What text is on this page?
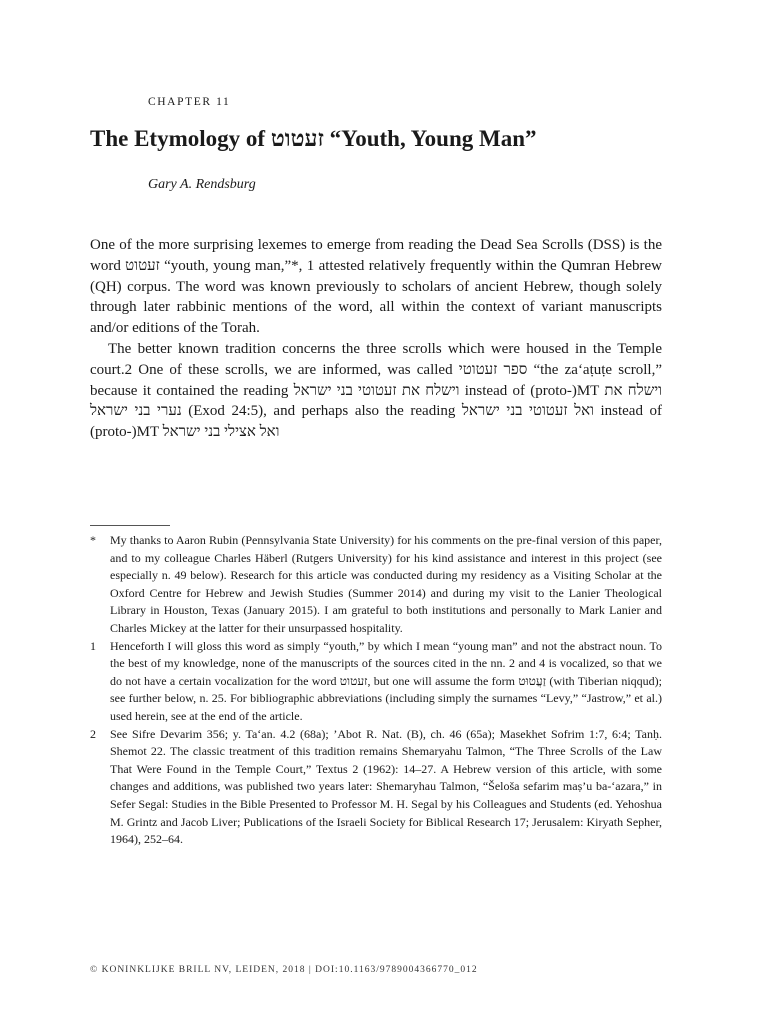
CHAPTER 11
The Etymology of זעטוט “Youth, Young Man”
Gary A. Rendsburg

One of the more surprising lexemes to emerge from reading the Dead Sea Scrolls (DSS) is the word זעטוט “youth, young man,”*, 1 attested relatively frequently within the Qumran Hebrew (QH) corpus. The word was known previously to scholars of ancient Hebrew, though solely through later rabbinic mentions of the word, all within the context of variant manuscripts and/or editions of the Torah.

The better known tradition concerns the three scrolls which were housed in the Temple court.2 One of these scrolls, we are informed, was called ספר זעטוטי “the za‘aṭuṭe scroll,” because it contained the reading וישלח את זעטוטי בני ישראל instead of (proto-)MT וישלח את נערי בני ישראל (Exod 24:5), and perhaps also the reading ואל זעטוטי בני ישראל instead of (proto-)MT ואל אצילי בני ישראל

*	My thanks to Aaron Rubin (Pennsylvania State University) for his comments on the pre-final version of this paper, and to my colleague Charles Häberl (Rutgers University) for his kind assistance and interest in this project (see especially n. 49 below). Research for this article was conducted during my residency as a Visiting Scholar at the Oxford Centre for Hebrew and Jewish Studies (Summer 2014) and during my visit to the Lanier Theological Library in Houston, Texas (January 2015). I am grateful to both institutions and personally to Mark Lanier and Charles Mickey at the latter for their unsurpassed hospitality.
1	Henceforth I will gloss this word as simply “youth,” by which I mean “young man” and not the abstract noun. To the best of my knowledge, none of the manuscripts of the sources cited in the nn. 2 and 4 is vocalized, so that we do not have a certain vocalization for the word זעטוט, but one will assume the form זַעֲטוּט (with Tiberian niqqud); see further below, n. 25. For bibliographic abbreviations (including simply the surnames “Levy,” “Jastrow,” et al.) used herein, see at the end of the article.
2	See Sifre Devarim 356; y. Ta‘an. 4.2 (68a); ’Abot R. Nat. (B), ch. 46 (65a); Masekhet Sofrim 1:7, 6:4; Tanḥ. Shemot 22. The classic treatment of this tradition remains Shemaryahu Talmon, “The Three Scrolls of the Law That Were Found in the Temple Court,” Textus 2 (1962): 14–27. A Hebrew version of this article, with some changes and additions, was published two years later: Shemaryhau Talmon, “Šeloša sefarim maṣ’u ba-‘azara,” in Sefer Segal: Studies in the Bible Presented to Professor M. H. Segal by his Colleagues and Students (ed. Yehoshua M. Grintz and Jacob Liver; Publications of the Israeli Society for Biblical Research 17; Jerusalem: Kiryath Sepher, 1964), 252–64.
© KONINKLIJKE BRILL NV, LEIDEN, 2018 | DOI:10.1163/9789004366770_012
